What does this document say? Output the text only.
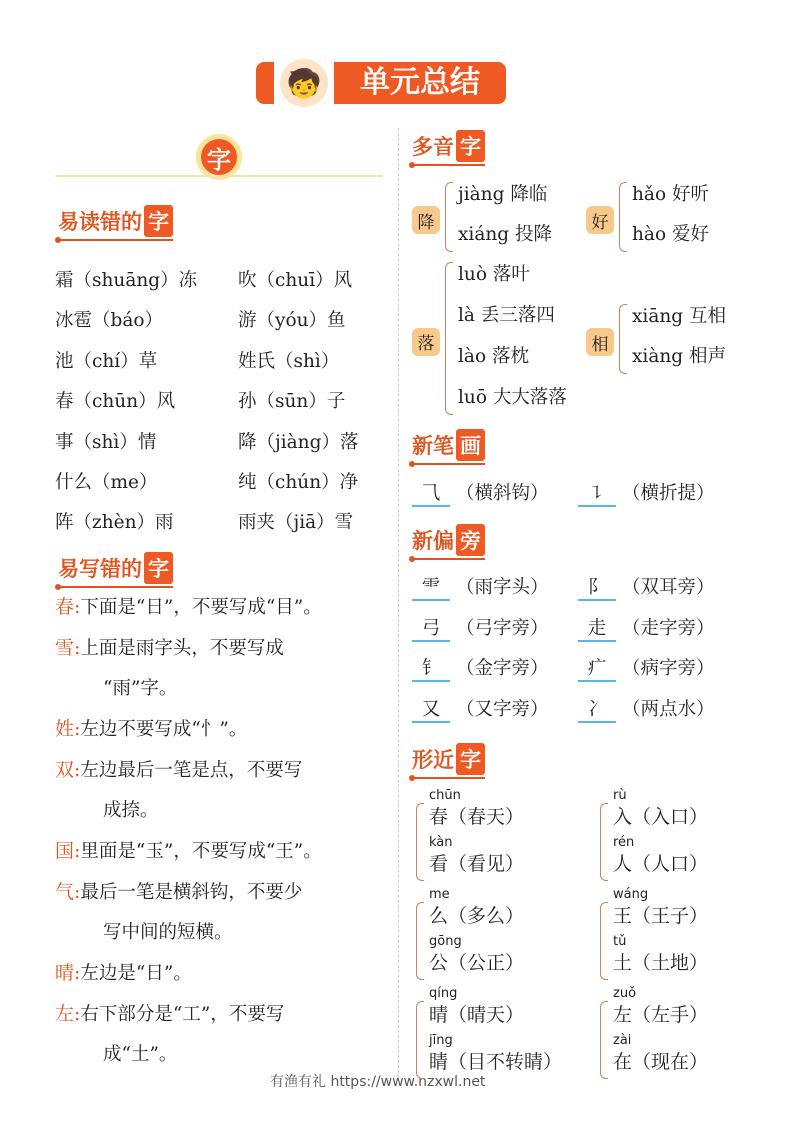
🧒	单元总结
字
易读错的 字
易写错的 字
春:下面是“日”，不要写成“目”。
雪:上面是雨字头，不要写成
“雨”字。
姓:左边不要写成“忄”。
双:左边最后一笔是点，不要写
成捺。
国:里面是“玉”，不要写成“王”。
气:最后一笔是横斜钩，不要少
写中间的短横。
晴:左边是“日”。
左:右下部分是“工”，不要写
成“土”。
多音 字
新笔 画
新偏 旁
形近 字
有渔有礼 https://www.nzxwl.net
霜（shuāng）冻 吹（chuī）风
冰雹（báo）	游（yóu）鱼
池（chí）草	姓氏（shì）
春（chūn）风	孙（sūn）子
事（shì）情	降（jiàng）落
什么（me）	纯（chún）净
阵（zhèn）雨	雨夹（jiā）雪
降
jiàng 降临
xiáng 投降
好
hǎo 好听
hào 爱好
落
luò 落叶
là 丢三落四
lào 落枕
luō 大大落落
相
xiāng 互相
xiàng 相声
⺄ （横斜钩）	㇊ （横折提）
⻗ （雨字头）	阝 （双耳旁）
弓 （弓字旁）	走 （走字旁）
钅 （金字旁）	疒 （病字旁）
又 （又字旁）	冫 （两点水）
chūn
春（春天）
kàn
看（看见）
rù
入（入口）
rén
人（人口）
me
么（多么）
gōng
公（公正）
wáng
王（王子）
tǔ
土（土地）
qíng
晴（晴天）
jīng
睛（目不转睛）
zuǒ
左（左手）
zài
在（现在）
